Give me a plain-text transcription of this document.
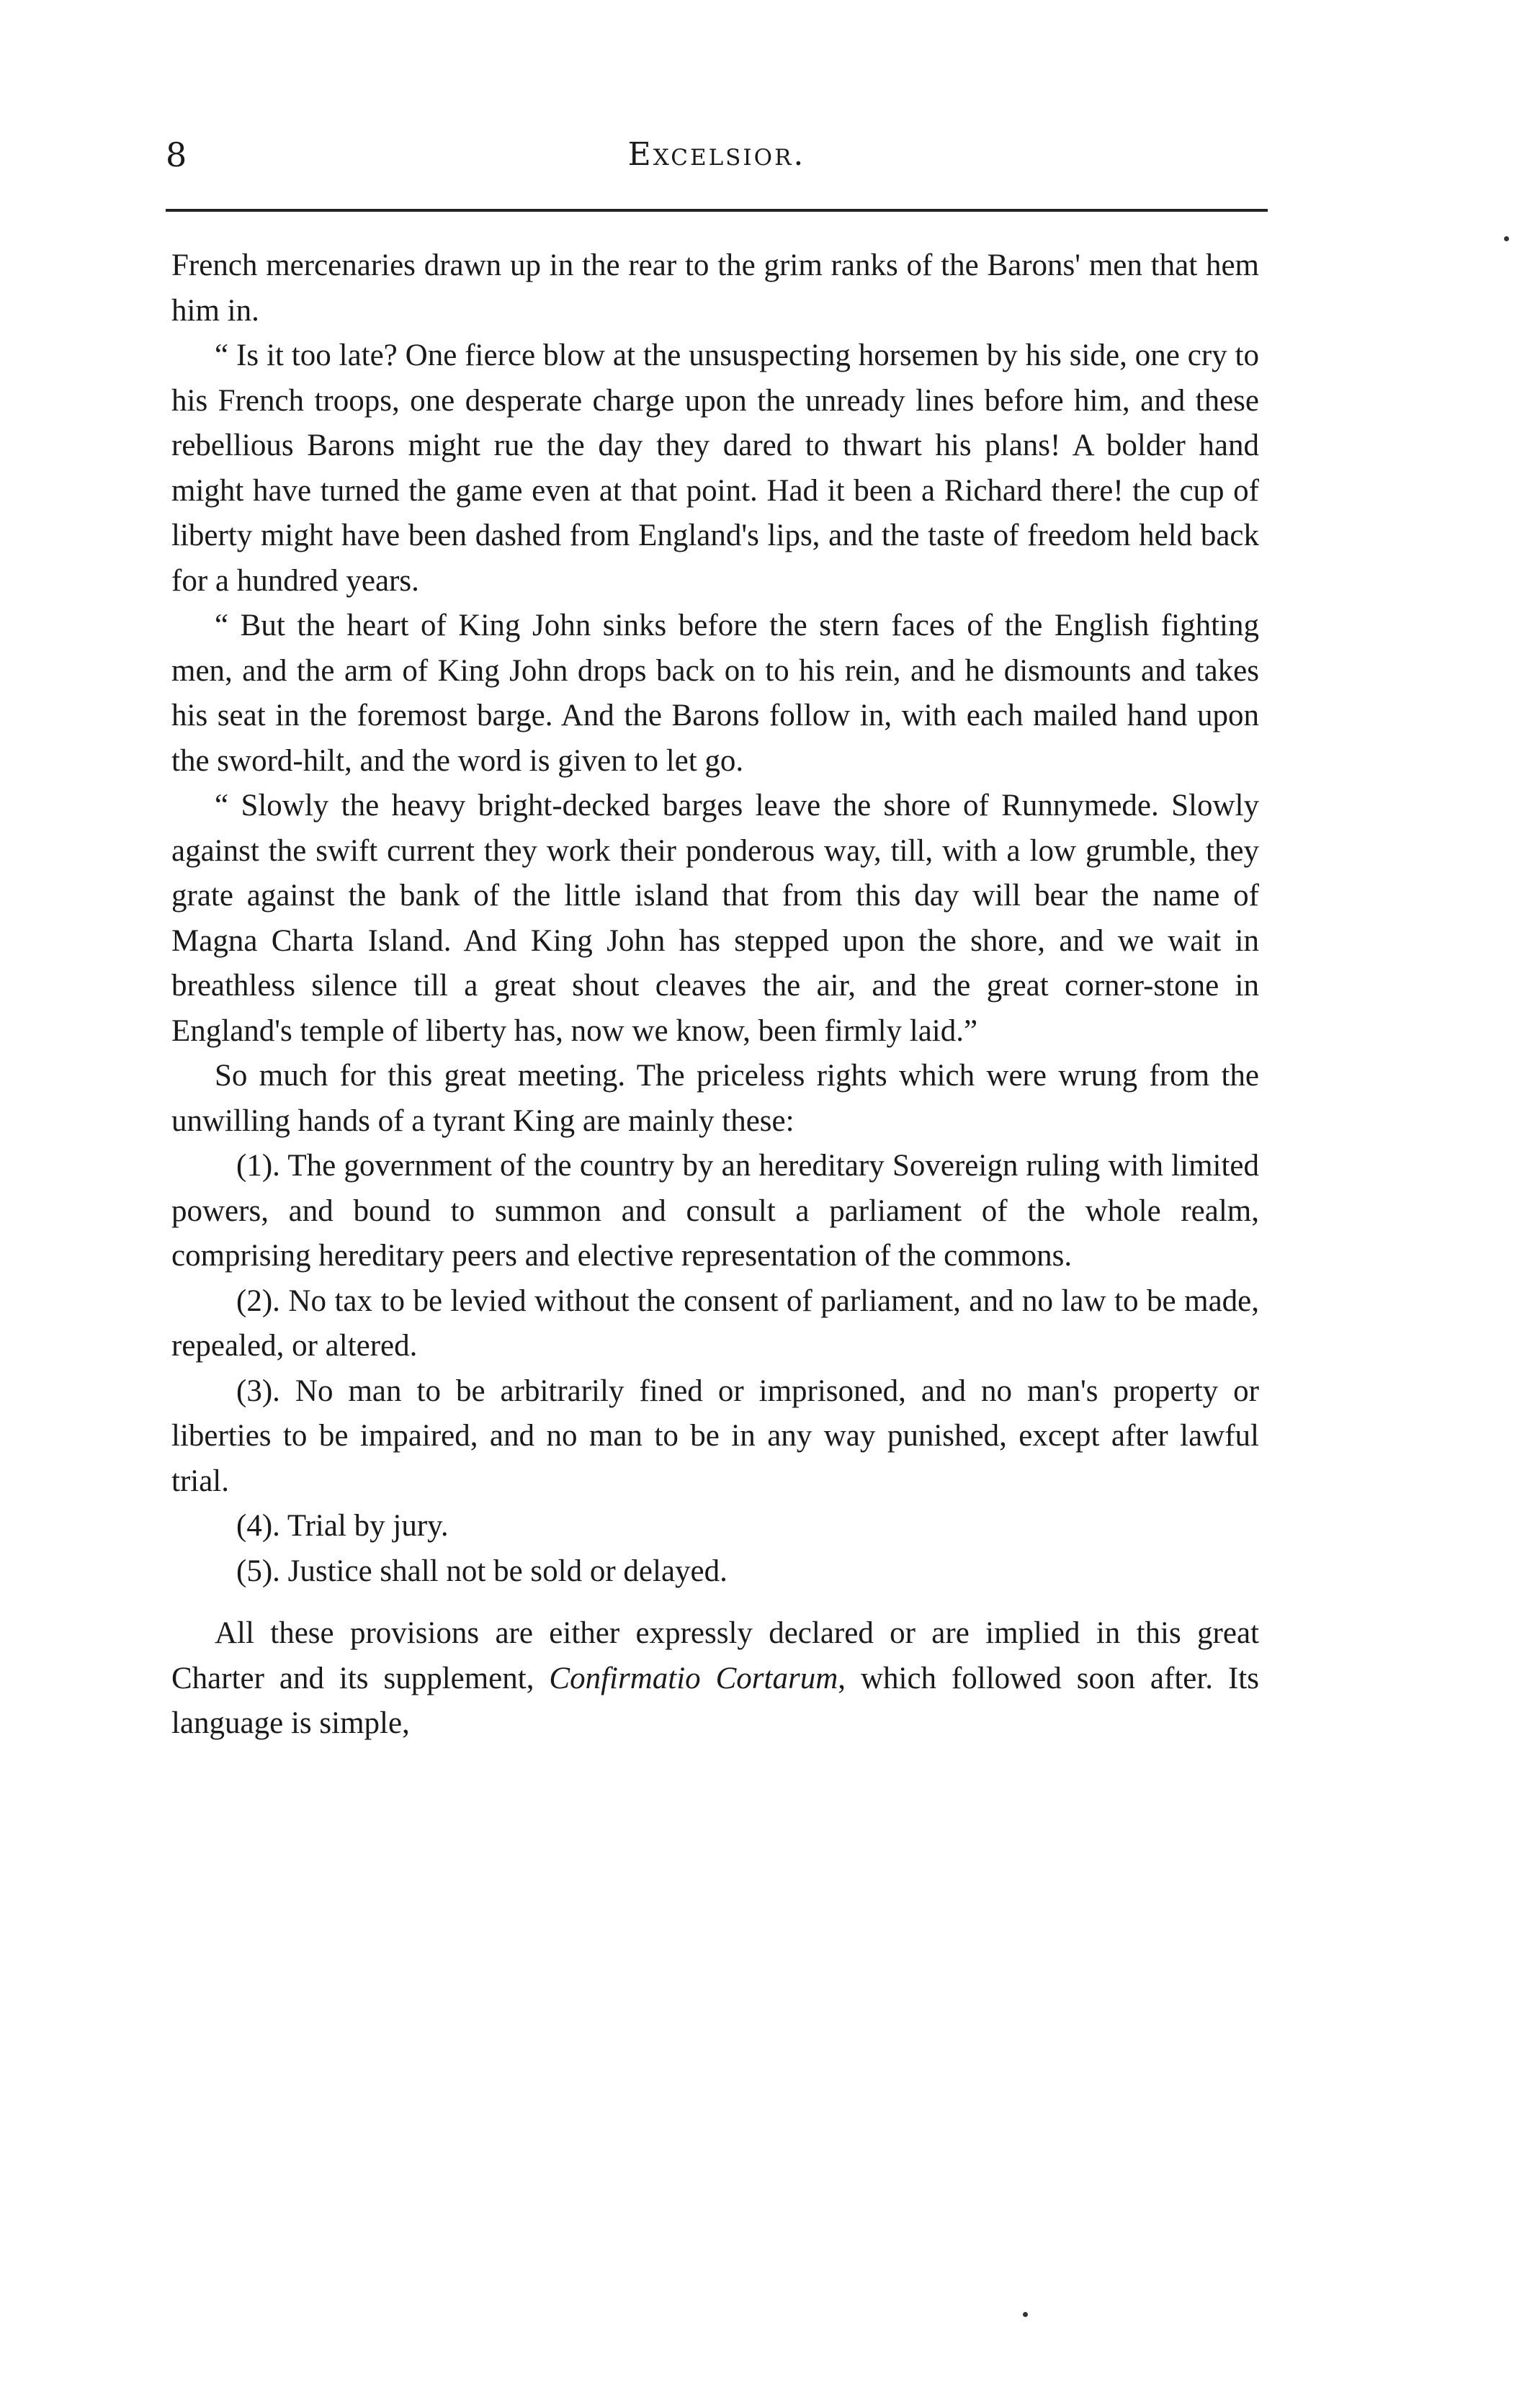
8	Excelsior.

French mercenaries drawn up in the rear to the grim ranks of the Barons' men that hem him in.

“ Is it too late? One fierce blow at the unsuspecting horsemen by his side, one cry to his French troops, one desperate charge upon the unready lines before him, and these rebellious Barons might rue the day they dared to thwart his plans! A bolder hand might have turned the game even at that point. Had it been a Richard there! the cup of liberty might have been dashed from England's lips, and the taste of freedom held back for a hundred years.

“ But the heart of King John sinks before the stern faces of the English fighting men, and the arm of King John drops back on to his rein, and he dismounts and takes his seat in the foremost barge. And the Barons follow in, with each mailed hand upon the sword-hilt, and the word is given to let go.

“ Slowly the heavy bright-decked barges leave the shore of Runnymede. Slowly against the swift current they work their ponderous way, till, with a low grumble, they grate against the bank of the little island that from this day will bear the name of Magna Charta Island. And King John has stepped upon the shore, and we wait in breathless silence till a great shout cleaves the air, and the great corner-stone in England's temple of liberty has, now we know, been firmly laid.”

So much for this great meeting. The priceless rights which were wrung from the unwilling hands of a tyrant King are mainly these:

(1). The government of the country by an hereditary Sovereign ruling with limited powers, and bound to summon and consult a parliament of the whole realm, comprising hereditary peers and elective representation of the commons.

(2). No tax to be levied without the consent of parliament, and no law to be made, repealed, or altered.

(3). No man to be arbitrarily fined or imprisoned, and no man's property or liberties to be impaired, and no man to be in any way punished, except after lawful trial.

(4). Trial by jury.

(5). Justice shall not be sold or delayed.

All these provisions are either expressly declared or are implied in this great Charter and its supplement, Confirmatio Cortarum, which followed soon after. Its language is simple,
